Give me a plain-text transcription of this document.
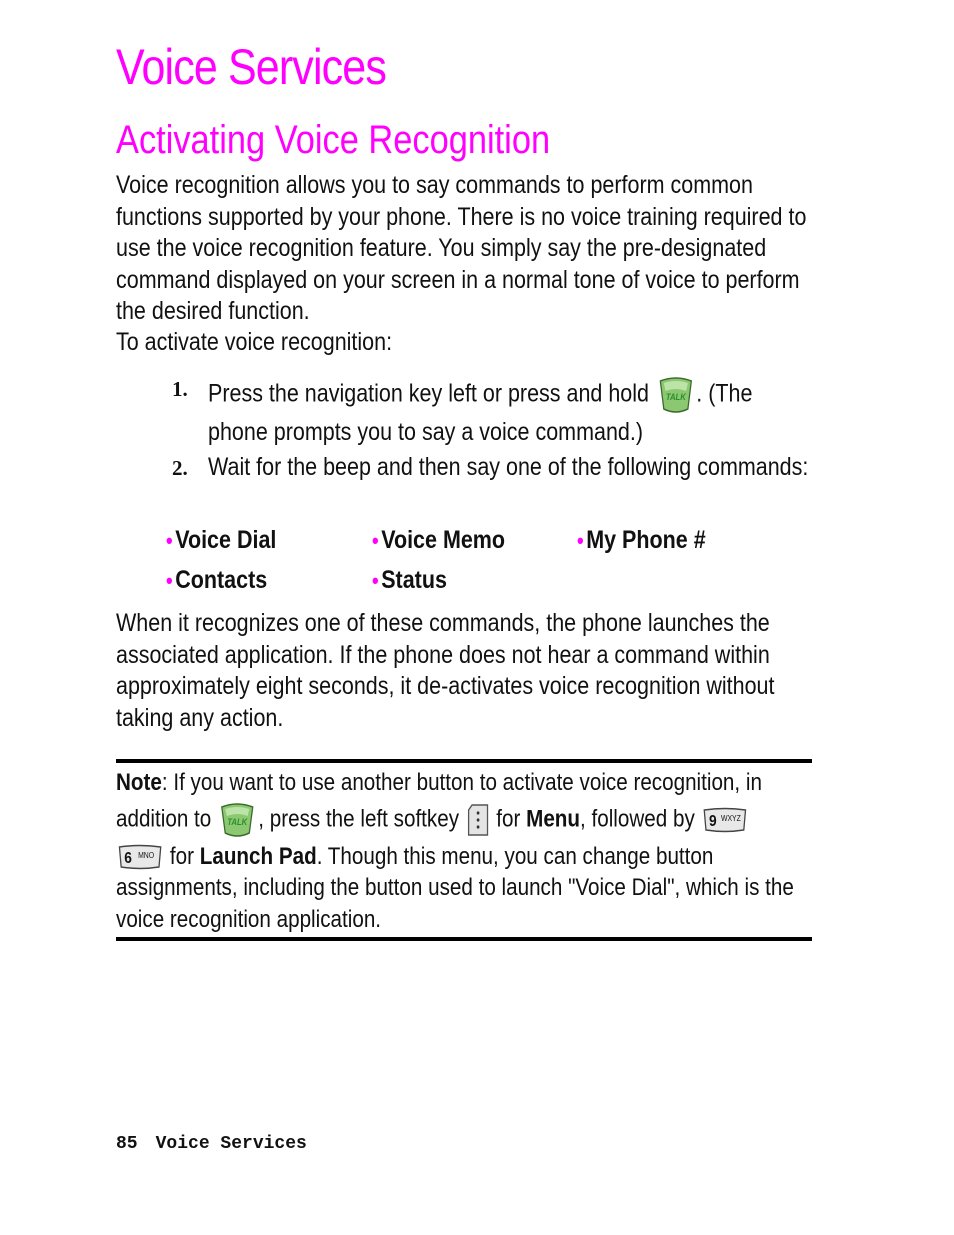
Voice Services
Activating Voice Recognition

Voice recognition allows you to say commands to perform common functions supported by your phone. There is no voice training required to use the voice recognition feature. You simply say the pre-designated command displayed on your screen in a normal tone of voice to perform the desired function.

To activate voice recognition:

1. Press the navigation key left or press and hold TALK . (The phone prompts you to say a voice command.)

2. Wait for the beep and then say one of the following commands:

• Voice Dial	• Voice Memo	• My Phone #
• Contacts	• Status

When it recognizes one of these commands, the phone launches the associated application. If the phone does not hear a command within approximately eight seconds, it de-activates voice recognition without taking any action.

Note: If you want to use another button to activate voice recognition, in addition to TALK , press the left softkey for Menu, followed by 9 WXYZ

6 MNO for Launch Pad. Though this menu, you can change button assignments, including the button used to launch "Voice Dial", which is the voice recognition application.

85 Voice Services
